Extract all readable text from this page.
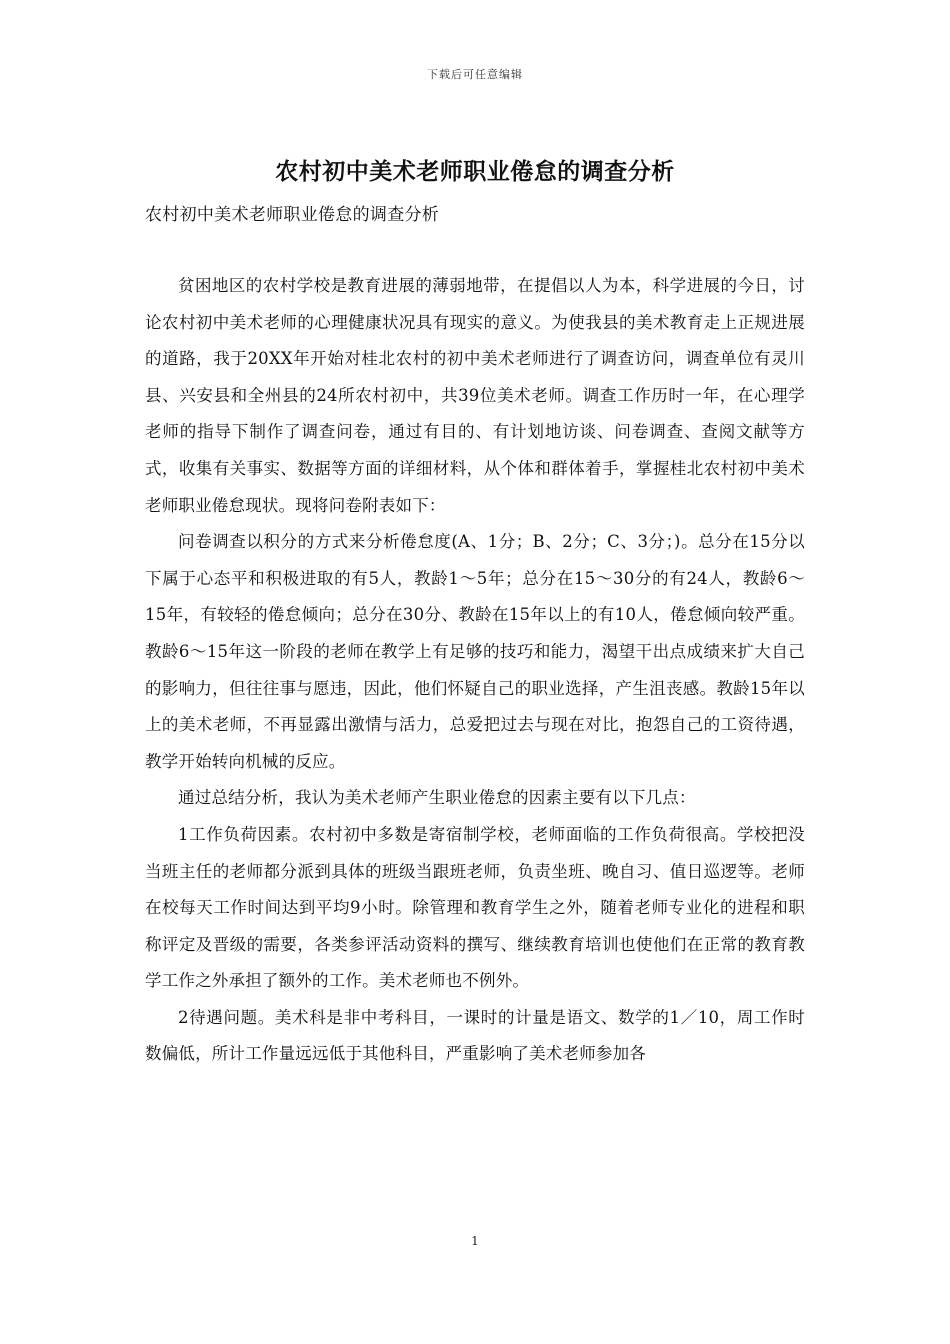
下载后可任意编辑
农村初中美术老师职业倦怠的调查分析
农村初中美术老师职业倦怠的调查分析

贫困地区的农村学校是教育进展的薄弱地带，在提倡以人为本，科学进展的今日，讨论农村初中美术老师的心理健康状况具有现实的意义。为使我县的美术教育走上正规进展的道路，我于20XX年开始对桂北农村的初中美术老师进行了调查访问，调查单位有灵川县、兴安县和全州县的24所农村初中，共39位美术老师。调查工作历时一年，在心理学老师的指导下制作了调查问卷，通过有目的、有计划地访谈、问卷调查、查阅文献等方式，收集有关事实、数据等方面的详细材料，从个体和群体着手，掌握桂北农村初中美术老师职业倦怠现状。现将问卷附表如下：

问卷调查以积分的方式来分析倦怠度(A、1分；B、2分；C、3分；)。总分在15分以下属于心态平和积极进取的有5人，教龄1～5年；总分在15～30分的有24人，教龄6～15年，有较轻的倦怠倾向；总分在30分、教龄在15年以上的有10人，倦怠倾向较严重。教龄6～15年这一阶段的老师在教学上有足够的技巧和能力，渴望干出点成绩来扩大自己的影响力，但往往事与愿违，因此，他们怀疑自己的职业选择，产生沮丧感。教龄15年以上的美术老师，不再显露出激情与活力，总爱把过去与现在对比，抱怨自己的工资待遇，教学开始转向机械的反应。

通过总结分析，我认为美术老师产生职业倦怠的因素主要有以下几点：

1工作负荷因素。农村初中多数是寄宿制学校，老师面临的工作负荷很高。学校把没当班主任的老师都分派到具体的班级当跟班老师，负责坐班、晚自习、值日巡逻等。老师在校每天工作时间达到平均9小时。除管理和教育学生之外，随着老师专业化的进程和职称评定及晋级的需要，各类参评活动资料的撰写、继续教育培训也使他们在正常的教育教学工作之外承担了额外的工作。美术老师也不例外。

2待遇问题。美术科是非中考科目，一课时的计量是语文、数学的1／10，周工作时数偏低，所计工作量远远低于其他科目，严重影响了美术老师参加各

1
